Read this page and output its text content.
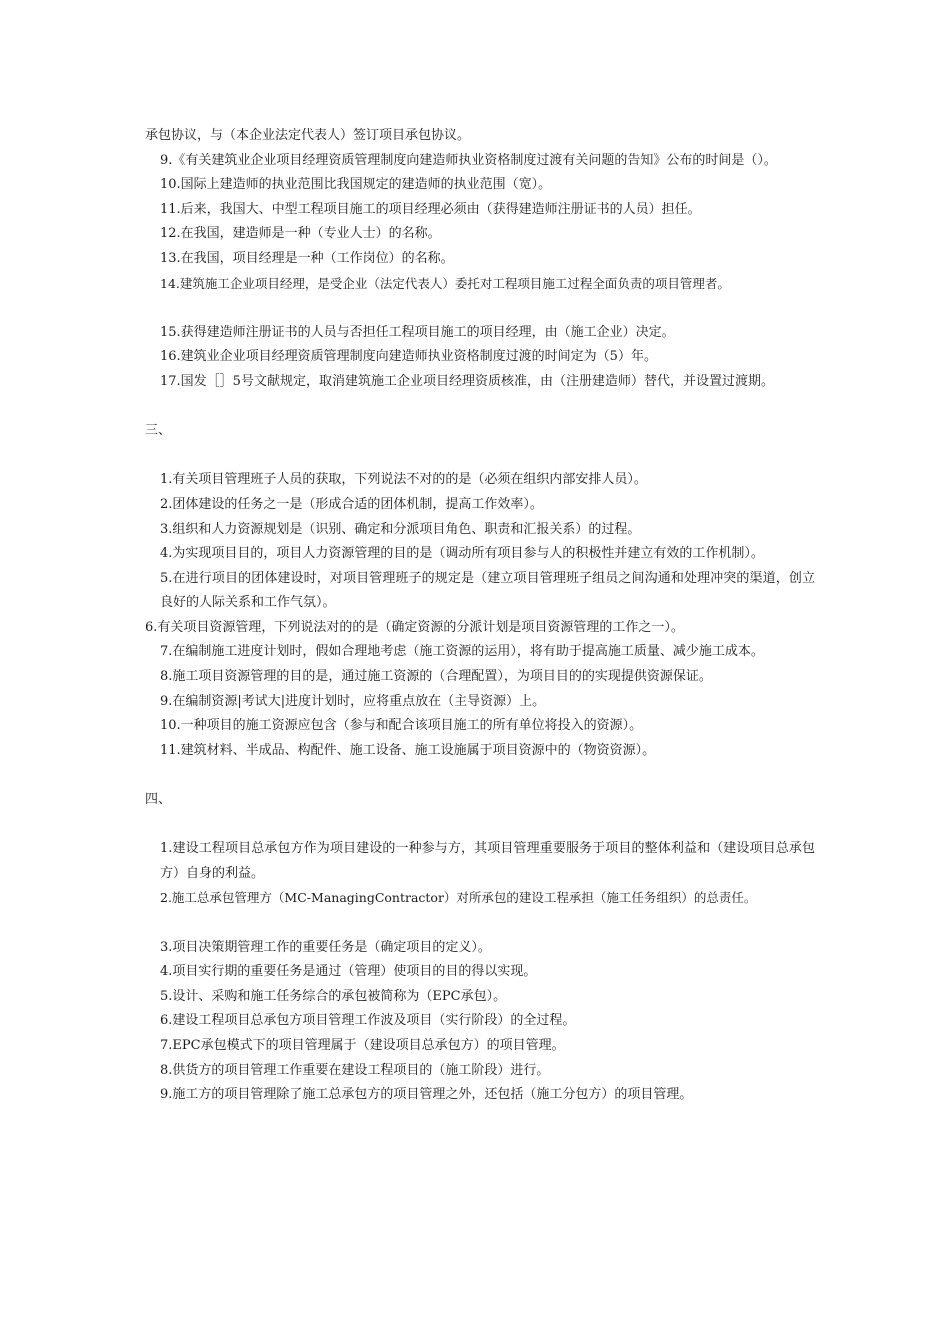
承包协议，与（本企业法定代表人）签订项目承包协议。
9.《有关建筑业企业项目经理资质管理制度向建造师执业资格制度过渡有关问题的告知》公布的时间是（）。
10.国际上建造师的执业范围比我国规定的建造师的执业范围（宽）。
11.后来，我国大、中型工程项目施工的项目经理必须由（获得建造师注册证书的人员）担任。
12.在我国，建造师是一种（专业人士）的名称。
13.在我国，项目经理是一种（工作岗位）的名称。
14.建筑施工企业项目经理，是受企业（法定代表人）委托对工程项目施工过程全面负责的项目管理者。
15.获得建造师注册证书的人员与否担任工程项目施工的项目经理，由（施工企业）决定。
16.建筑业企业项目经理资质管理制度向建造师执业资格制度过渡的时间定为（5）年。
17.国发［］5号文献规定，取消建筑施工企业项目经理资质核准，由（注册建造师）替代，并设置过渡期。
三、
1.有关项目管理班子人员的获取，下列说法不对的的是（必须在组织内部安排人员）。
2.团体建设的任务之一是（形成合适的团体机制，提高工作效率）。
3.组织和人力资源规划是（识别、确定和分派项目角色、职责和汇报关系）的过程。
4.为实现项目目的，项目人力资源管理的目的是（调动所有项目参与人的积极性并建立有效的工作机制）。
5.在进行项目的团体建设时，对项目管理班子的规定是（建立项目管理班子组员之间沟通和处理冲突的渠道，创立良好的人际关系和工作气氛）。
6.有关项目资源管理，下列说法对的的是（确定资源的分派计划是项目资源管理的工作之一）。
7.在编制施工进度计划时，假如合理地考虑（施工资源的运用），将有助于提高施工质量、减少施工成本。
8.施工项目资源管理的目的是，通过施工资源的（合理配置），为项目目的的实现提供资源保证。
9.在编制资源|考试大|进度计划时，应将重点放在（主导资源）上。
10.一种项目的施工资源应包含（参与和配合该项目施工的所有单位将投入的资源）。
11.建筑材料、半成品、构配件、施工设备、施工设施属于项目资源中的（物资资源）。
四、
1.建设工程项目总承包方作为项目建设的一种参与方，其项目管理重要服务于项目的整体利益和（建设项目总承包方）自身的利益。
2.施工总承包管理方（MC-ManagingContractor）对所承包的建设工程承担（施工任务组织）的总责任。
3.项目决策期管理工作的重要任务是（确定项目的定义）。
4.项目实行期的重要任务是通过（管理）使项目的目的得以实现。
5.设计、采购和施工任务综合的承包被简称为（EPC承包）。
6.建设工程项目总承包方项目管理工作波及项目（实行阶段）的全过程。
7.EPC承包模式下的项目管理属于（建设项目总承包方）的项目管理。
8.供货方的项目管理工作重要在建设工程项目的（施工阶段）进行。
9.施工方的项目管理除了施工总承包方的项目管理之外，还包括（施工分包方）的项目管理。
